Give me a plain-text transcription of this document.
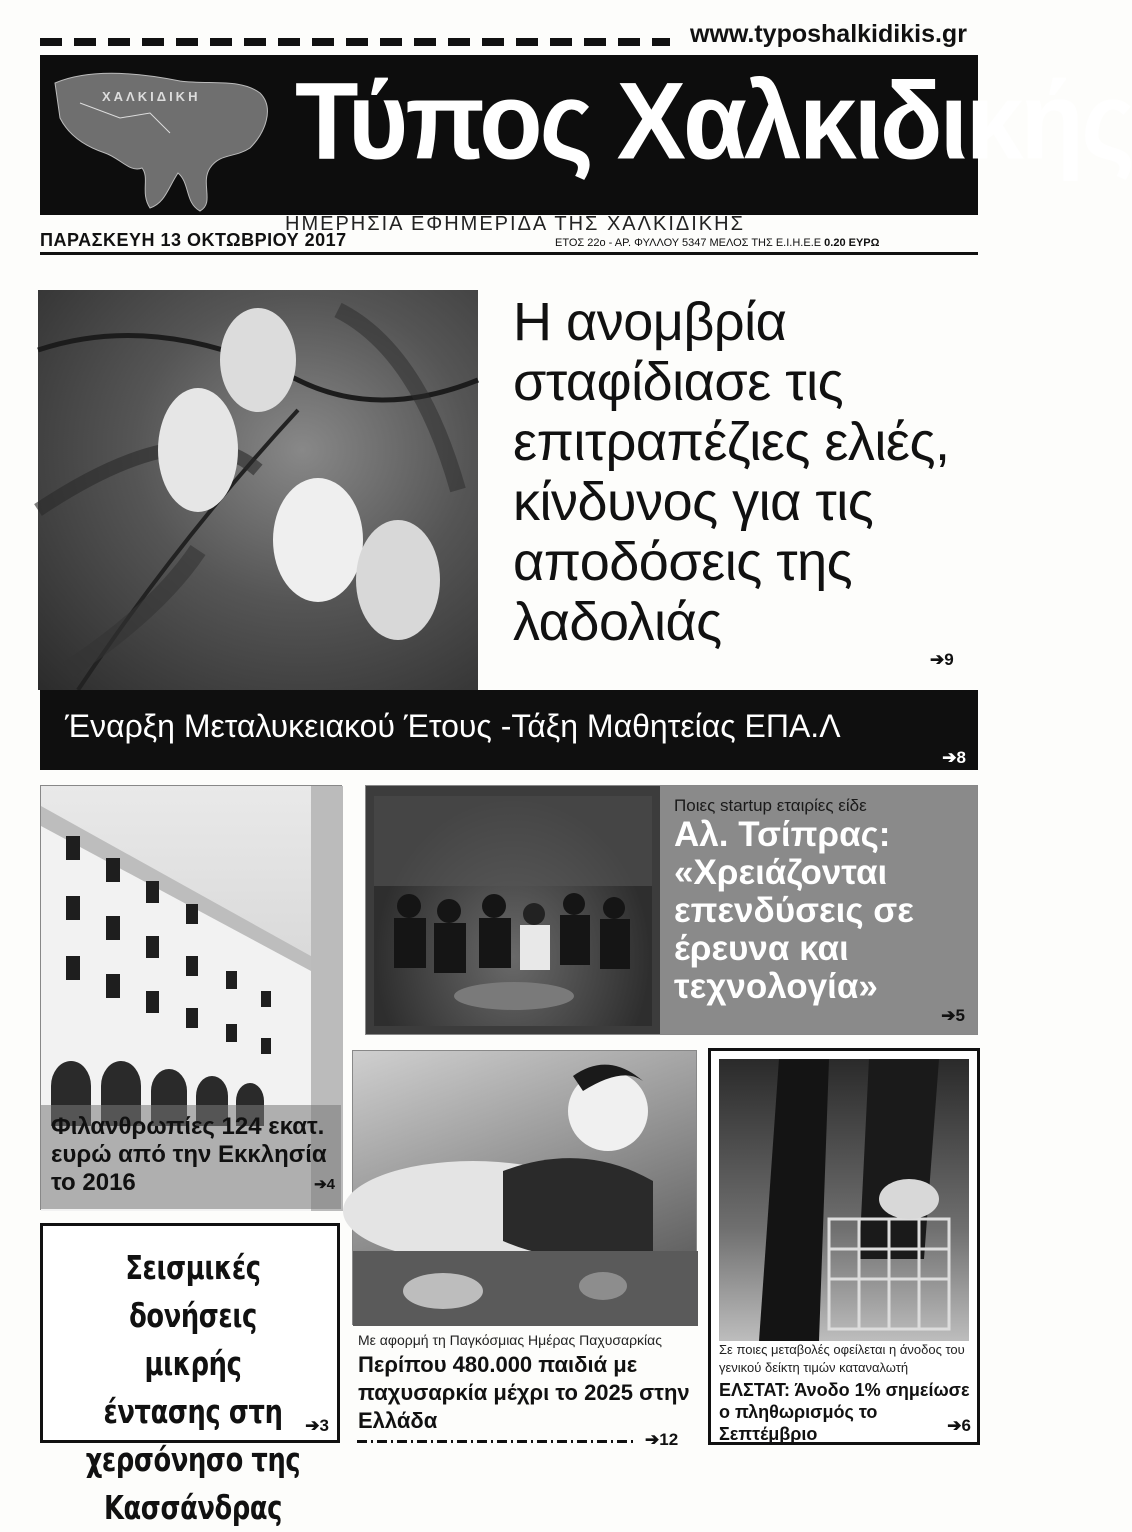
www.typoshalkidikis.gr
ΧΑΛΚΙΔΙΚΗ Τύπος Χαλκιδικής
ΗΜΕΡΗΣΙΑ ΕΦΗΜΕΡΙΔΑ ΤΗΣ ΧΑΛΚΙΔΙΚΗΣ
ΠΑΡΑΣΚΕΥΗ 13 ΟΚΤΩΒΡΙΟΥ 2017	ΕΤΟΣ 22ο - ΑΡ. ΦΥΛΛΟΥ 5347 ΜΕΛΟΣ ΤΗΣ Ε.Ι.Η.Ε.Ε 0.20 ΕΥΡΩ
Η ανομβρία σταφίδιασε τις επιτραπέζιες ελιές, κίνδυνος για τις αποδόσεις της λαδολιάς
➔9
Έναρξη Μεταλυκειακού Έτους -Τάξη Μαθητείας ΕΠΑ.Λ
➔8
Φιλανθρωπίες 124 εκατ. ευρώ από την Εκκλησία το 2016	➔4
Ποιες startup εταιρίες είδε
Αλ. Τσίπρας: «Χρειάζονται επενδύσεις σε έρευνα και τεχνολογία»
➔5
Σεισμικές δονήσεις μικρής έντασης στη χερσόνησο της Κασσάνδρας
➔3
Με αφορμή τη Παγκόσμιας Ημέρας Παχυσαρκίας
Περίπου 480.000 παιδιά με παχυσαρκία μέχρι το 2025 στην Ελλάδα
➔12
Σε ποιες μεταβολές οφείλεται η άνοδος του γενικού δείκτη τιμών καταναλωτή
ΕΛΣΤΑΤ: Άνοδο 1% σημείωσε ο πληθωρισμός το Σεπτέμβριο	➔6
